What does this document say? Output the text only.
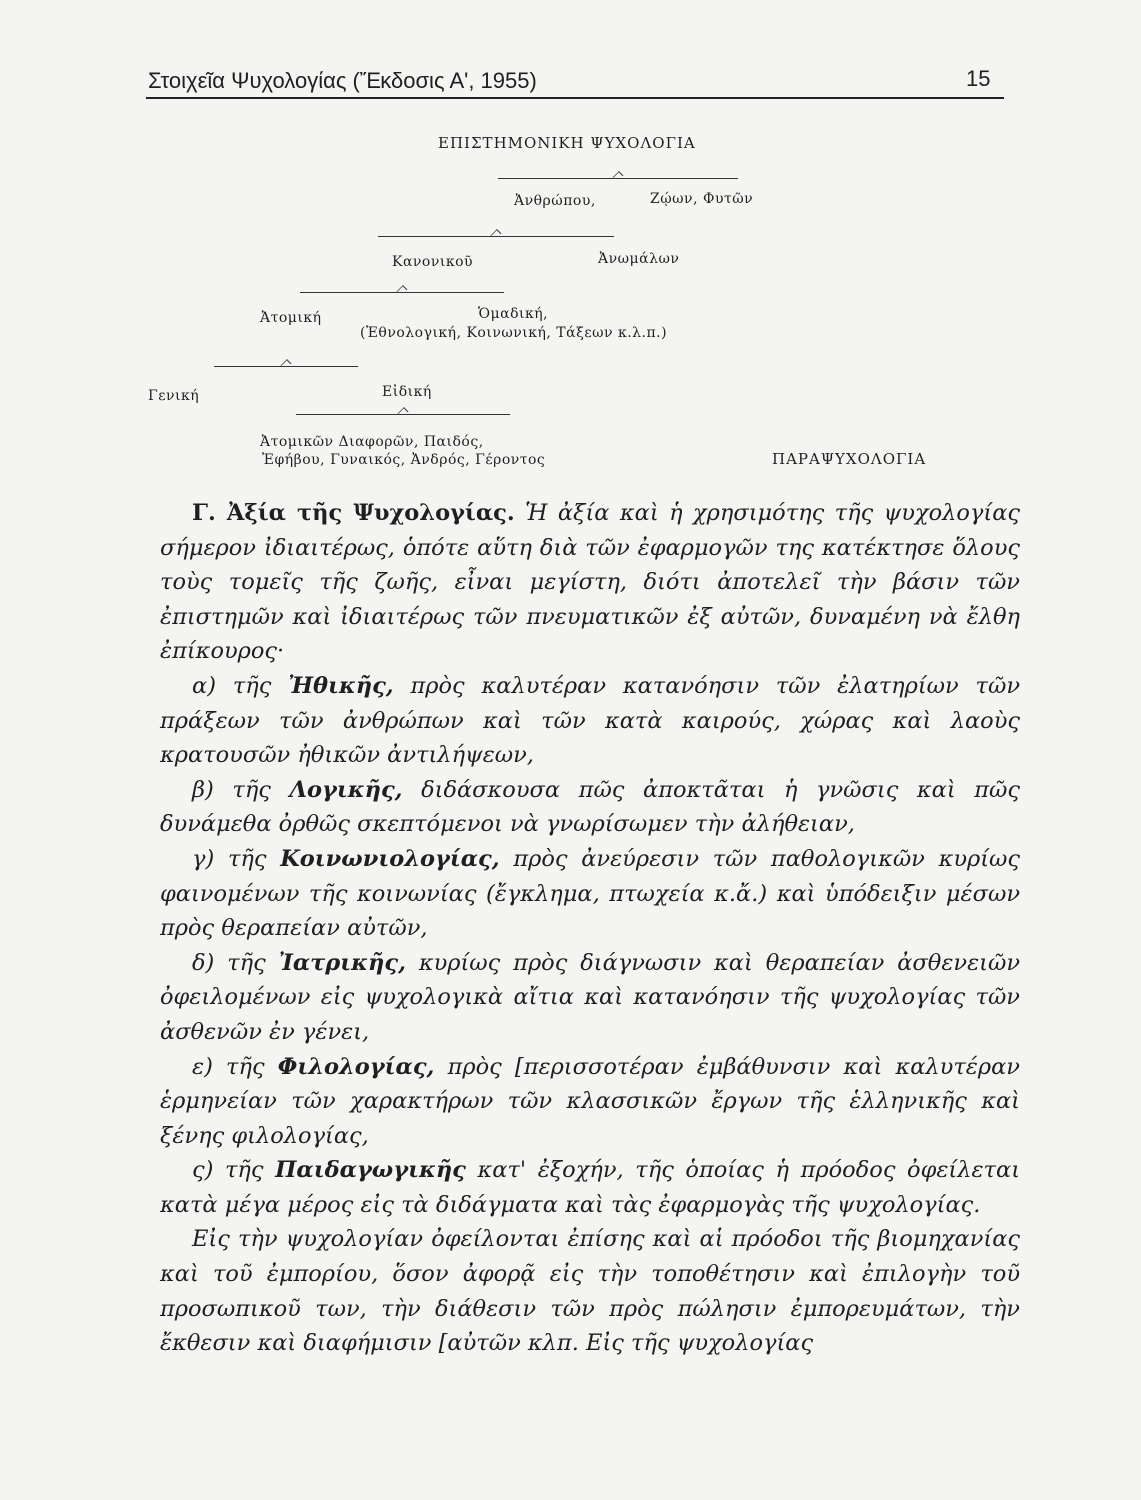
Στοιχεῖα Ψυχολογίας (Ἔκδοσις Α', 1955)	15
ΕΠΙΣΤΗΜΟΝΙΚΗ ΨΥΧΟΛΟΓΙΑ
Ἀνθρώπου,	Ζῴων, Φυτῶν
Κανονικοῦ	Ἀνωμάλων
Ἀτομική	Ὁμαδική,
(Ἐθνολογική, Κοινωνική, Τάξεων κ.λ.π.)
Γενική	Εἰδική
Ἀτομικῶν Διαφορῶν, Παιδός,
Ἐφήβου, Γυναικός, Ἀνδρός, Γέροντος	ΠΑΡΑΨΥΧΟΛΟΓΙΑ

Γ. Ἀξία τῆς Ψυχολογίας. Ἡ ἀξία καὶ ἡ χρησιμότης τῆς ψυχολογίας σήμερον ἰδιαιτέρως, ὁπότε αὕτη διὰ τῶν ἐφαρμογῶν της κατέκτησε ὅλους τοὺς τομεῖς τῆς ζωῆς, εἶναι μεγίστη, διότι ἀποτελεῖ τὴν βάσιν τῶν ἐπιστημῶν καὶ ἰδιαιτέρως τῶν πνευματικῶν ἐξ αὐτῶν, δυναμένη νὰ ἔλθη ἐπίκουρος·

α) τῆς Ἠθικῆς, πρὸς καλυτέραν κατανόησιν τῶν ἐλατηρίων τῶν πράξεων τῶν ἀνθρώπων καὶ τῶν κατὰ καιρούς, χώρας καὶ λαοὺς κρατουσῶν ἠθικῶν ἀντιλήψεων,

β) τῆς Λογικῆς, διδάσκουσα πῶς ἀποκτᾶται ἡ γνῶσις καὶ πῶς δυνάμεθα ὀρθῶς σκεπτόμενοι νὰ γνωρίσωμεν τὴν ἀλήθειαν,

γ) τῆς Κοινωνιολογίας, πρὸς ἀνεύρεσιν τῶν παθολογικῶν κυρίως φαινομένων τῆς κοινωνίας (ἔγκλημα, πτωχεία κ.ἄ.) καὶ ὑπόδειξιν μέσων πρὸς θεραπείαν αὐτῶν,

δ) τῆς Ἰατρικῆς, κυρίως πρὸς διάγνωσιν καὶ θεραπείαν ἀσθενειῶν ὀφειλομένων εἰς ψυχολογικὰ αἴτια καὶ κατανόησιν τῆς ψυχολογίας τῶν ἀσθενῶν ἐν γένει,

ε) τῆς Φιλολογίας, πρὸς [περισσοτέραν ἐμβάθυνσιν καὶ καλυτέραν ἑρμηνείαν τῶν χαρακτήρων τῶν κλασσικῶν ἔργων τῆς ἑλληνικῆς καὶ ξένης φιλολογίας,

ς) τῆς Παιδαγωγικῆς κατ' ἐξοχήν, τῆς ὁποίας ἡ πρόοδος ὀφείλεται κατὰ μέγα μέρος εἰς τὰ διδάγματα καὶ τὰς ἐφαρμογὰς τῆς ψυχολογίας.

Εἰς τὴν ψυχολογίαν ὀφείλονται ἐπίσης καὶ αἱ πρόοδοι τῆς βιομηχανίας καὶ τοῦ ἐμπορίου, ὅσον ἀφορᾷ εἰς τὴν τοποθέτησιν καὶ ἐπιλογὴν τοῦ προσωπικοῦ των, τὴν διάθεσιν τῶν πρὸς πώλησιν ἐμπορευμάτων, τὴν ἔκθεσιν καὶ διαφήμισιν [αὐτῶν κλπ. Εἰς τῆς ψυχολογίας
